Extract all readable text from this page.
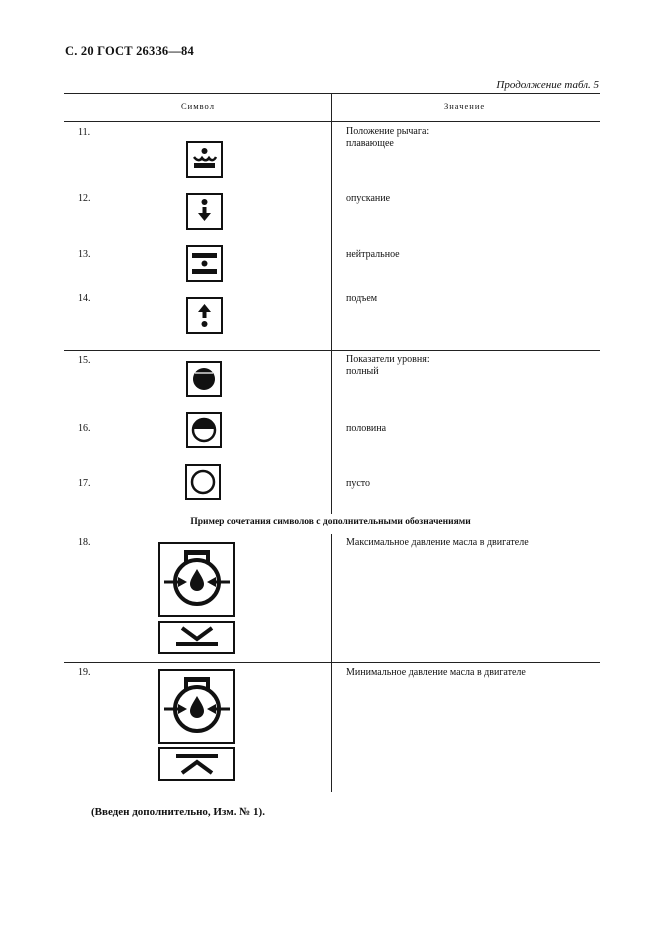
С. 20 ГОСТ 26336—84
Продолжение табл. 5
Символ	Значение
11.	Положение рычага:
плавающее
12.	опускание
13.	нейтральное
14.	подъем
15.	Показатели уровня:
полный
16.	половина
17.	пусто
Пример сочетания символов с дополнительными обозначениями
18.	Максимальное давление масла в двигателе
19.	Минимальное давление масла в двигателе
(Введен дополнительно, Изм. № 1).
